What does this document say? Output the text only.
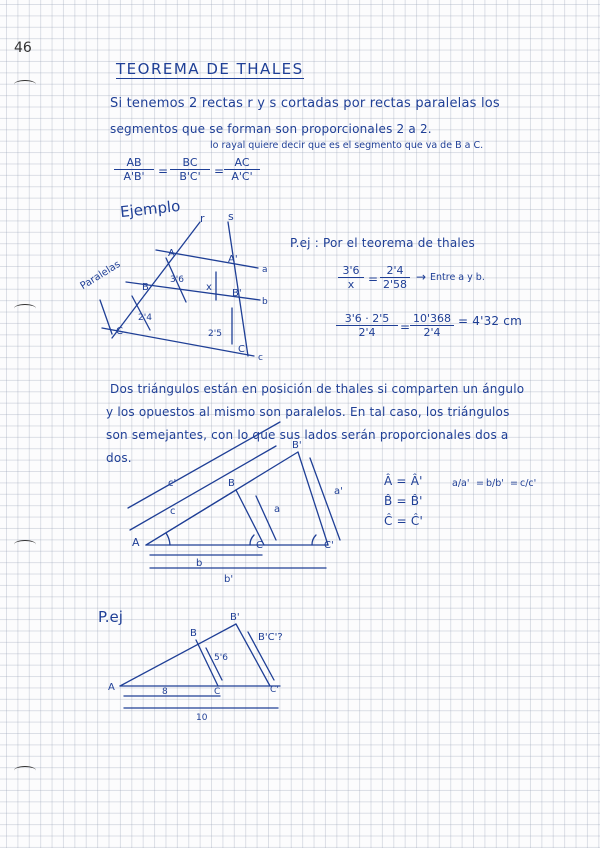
46
TEOREMA DE THALES
Si tenemos 2 rectas r y s cortadas por rectas paralelas los
segmentos que se forman son proporcionales 2 a 2.
lo rayal quiere decir que es el segmento que va de B a C.
$\frac{AB}{A'B'} = \frac{BC}{B'C'} = \frac{AC}{A'C'}$
Ejemplo
Paralelas
r s
A
B
C
A'
B'
C'
a
b
c
x
3'6
2'4
2'5
A
B
B'
C	C'
a
a'
b
b'
c
c'
A
B
B'
C	C'
B'C'?
5'6
8
10
P.ej : Por el teorema de thales
$\frac{3'6}{x} = \frac{2'4}{2'58}$ → Entre a y b.
$\frac{3'6 \cdot 2'5}{2'4} = \frac{10'368}{2'4} = 4'32$ cm
Dos triángulos están en posición de thales si comparten un ángulo
y los opuestos al mismo son paralelos. En tal caso, los triángulos
son semejantes, con lo que sus lados serán proporcionales dos a
dos.
Â = Â'
B̂ = B̂'
Ĉ = Ĉ'
a/a' = b/b' = c/c'
P.ej
